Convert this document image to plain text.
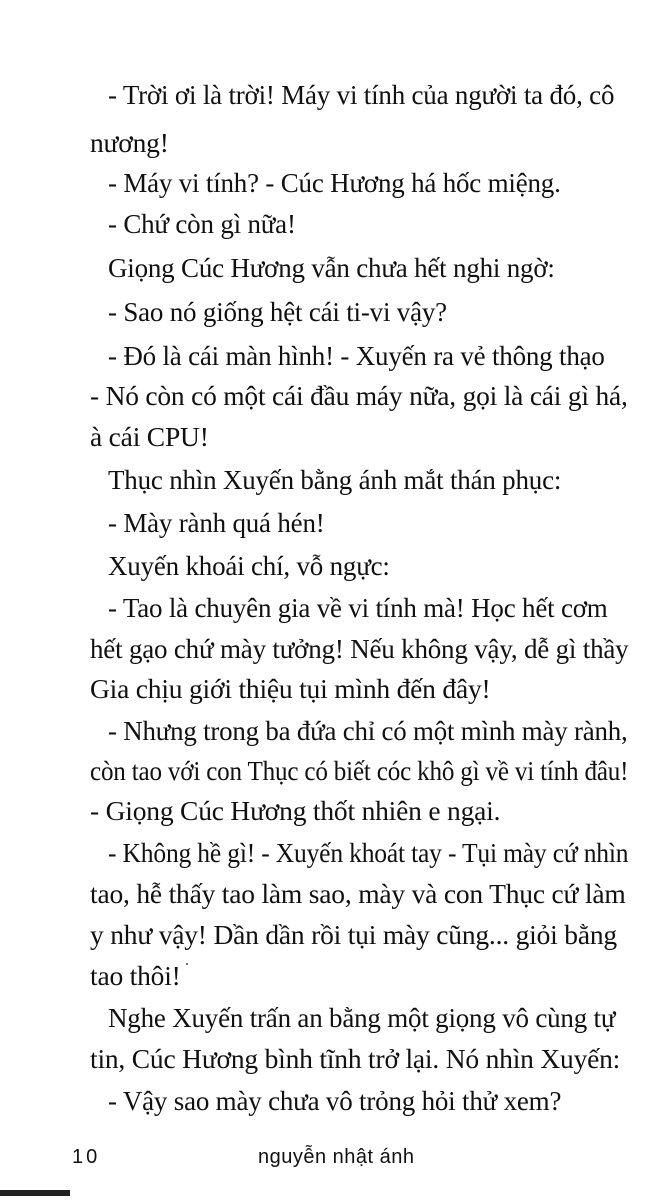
- Trời ơi là trời! Máy vi tính của người ta đó, cô
nương!
- Máy vi tính? - Cúc Hương há hốc miệng.
- Chứ còn gì nữa!
Giọng Cúc Hương vẫn chưa hết nghi ngờ:
- Sao nó giống hệt cái ti-vi vậy?
- Đó là cái màn hình! - Xuyến ra vẻ thông thạo
- Nó còn có một cái đầu máy nữa, gọi là cái gì há,
à cái CPU!
Thục nhìn Xuyến bằng ánh mắt thán phục:
- Mày rành quá hén!
Xuyến khoái chí, vỗ ngực:
- Tao là chuyên gia về vi tính mà! Học hết cơm
hết gạo chứ mày tưởng! Nếu không vậy, dễ gì thầy
Gia chịu giới thiệu tụi mình đến đây!
- Nhưng trong ba đứa chỉ có một mình mày rành,
còn tao với con Thục có biết cóc khô gì về vi tính đâu!
- Giọng Cúc Hương thốt nhiên e ngại.
- Không hề gì! - Xuyến khoát tay - Tụi mày cứ nhìn
tao, hễ thấy tao làm sao, mày và con Thục cứ làm
y như vậy! Dần dần rồi tụi mày cũng... giỏi bằng
tao thôi!
Nghe Xuyến trấn an bằng một giọng vô cùng tự
tin, Cúc Hương bình tĩnh trở lại. Nó nhìn Xuyến:
- Vậy sao mày chưa vô trỏng hỏi thử xem?
10	nguyễn nhật ánh
